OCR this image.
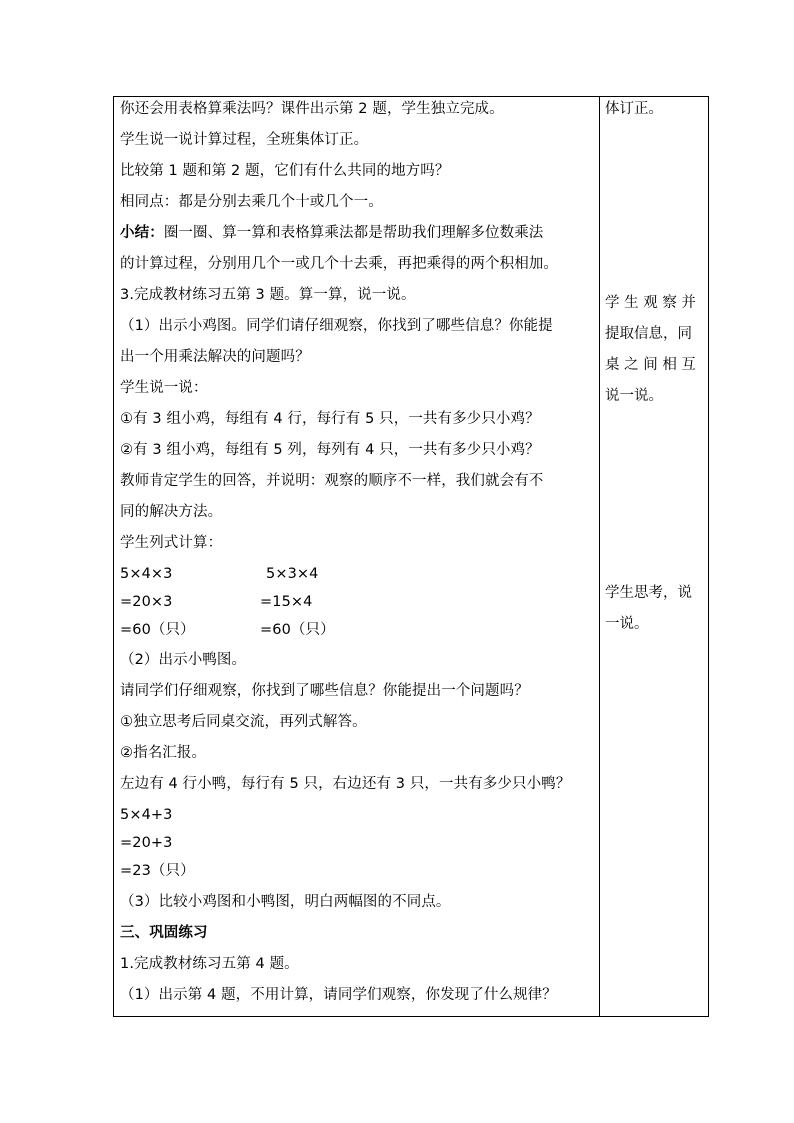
你还会用表格算乘法吗？课件出示第 2 题，学生独立完成。
学生说一说计算过程，全班集体订正。
比较第 1 题和第 2 题，它们有什么共同的地方吗？
相同点：都是分别去乘几个十或几个一。
小结：圈一圈、算一算和表格算乘法都是帮助我们理解多位数乘法
的计算过程，分别用几个一或几个十去乘，再把乘得的两个积相加。
3.完成教材练习五第 3 题。算一算，说一说。
（1）出示小鸡图。同学们请仔细观察，你找到了哪些信息？你能提
出一个用乘法解决的问题吗？
学生说一说：
①有 3 组小鸡，每组有 4 行，每行有 5 只，一共有多少只小鸡？
②有 3 组小鸡，每组有 5 列，每列有 4 只，一共有多少只小鸡？
教师肯定学生的回答，并说明：观察的顺序不一样，我们就会有不
同的解决方法。
学生列式计算：
5×4×3	5×3×4
=20×3	=15×4
=60（只）	=60（只）
（2）出示小鸭图。
请同学们仔细观察，你找到了哪些信息？你能提出一个问题吗？
①独立思考后同桌交流，再列式解答。
②指名汇报。
左边有 4 行小鸭，每行有 5 只，右边还有 3 只，一共有多少只小鸭？
5×4+3
=20+3
=23（只）
（3）比较小鸡图和小鸭图，明白两幅图的不同点。
三、巩固练习
1.完成教材练习五第 4 题。
（1）出示第 4 题，不用计算，请同学们观察，你发现了什么规律？
体订正。
学 生 观 察 并
提取信息，同
桌 之 间 相 互
说一说。
学生思考，说
一说。
